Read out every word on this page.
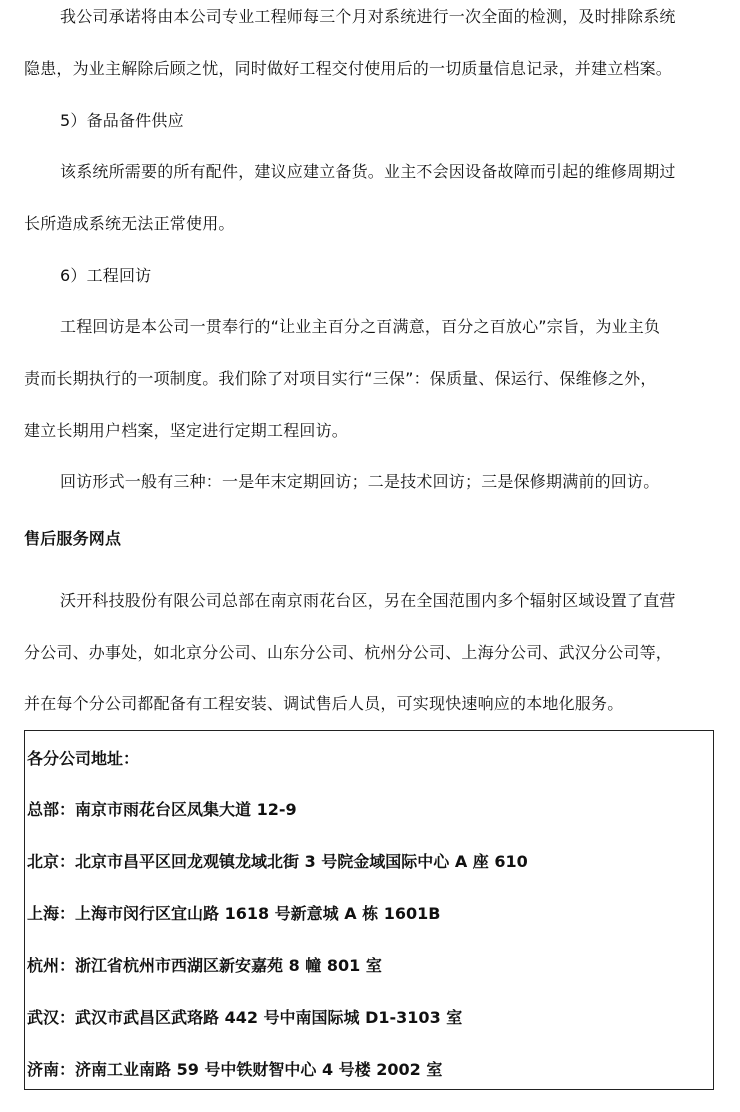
我公司承诺将由本公司专业工程师每三个月对系统进行一次全面的检测，及时排除系统
隐患，为业主解除后顾之忧，同时做好工程交付使用后的一切质量信息记录，并建立档案。
5）备品备件供应
该系统所需要的所有配件，建议应建立备货。业主不会因设备故障而引起的维修周期过
长所造成系统无法正常使用。
6）工程回访
工程回访是本公司一贯奉行的“让业主百分之百满意，百分之百放心”宗旨，为业主负
责而长期执行的一项制度。我们除了对项目实行“三保”：保质量、保运行、保维修之外，
建立长期用户档案，坚定进行定期工程回访。
回访形式一般有三种：一是年末定期回访；二是技术回访；三是保修期满前的回访。
售后服务网点
沃开科技股份有限公司总部在南京雨花台区，另在全国范围内多个辐射区域设置了直营
分公司、办事处，如北京分公司、山东分公司、杭州分公司、上海分公司、武汉分公司等，
并在每个分公司都配备有工程安装、调试售后人员，可实现快速响应的本地化服务。
各分公司地址：
总部：南京市雨花台区凤集大道 12-9
北京：北京市昌平区回龙观镇龙域北街 3 号院金域国际中心 A 座 610
上海：上海市闵行区宜山路 1618 号新意城 A 栋 1601B
杭州：浙江省杭州市西湖区新安嘉苑 8 幢 801 室
武汉：武汉市武昌区武珞路 442 号中南国际城 D1-3103 室
济南：济南工业南路 59 号中铁财智中心 4 号楼 2002 室
